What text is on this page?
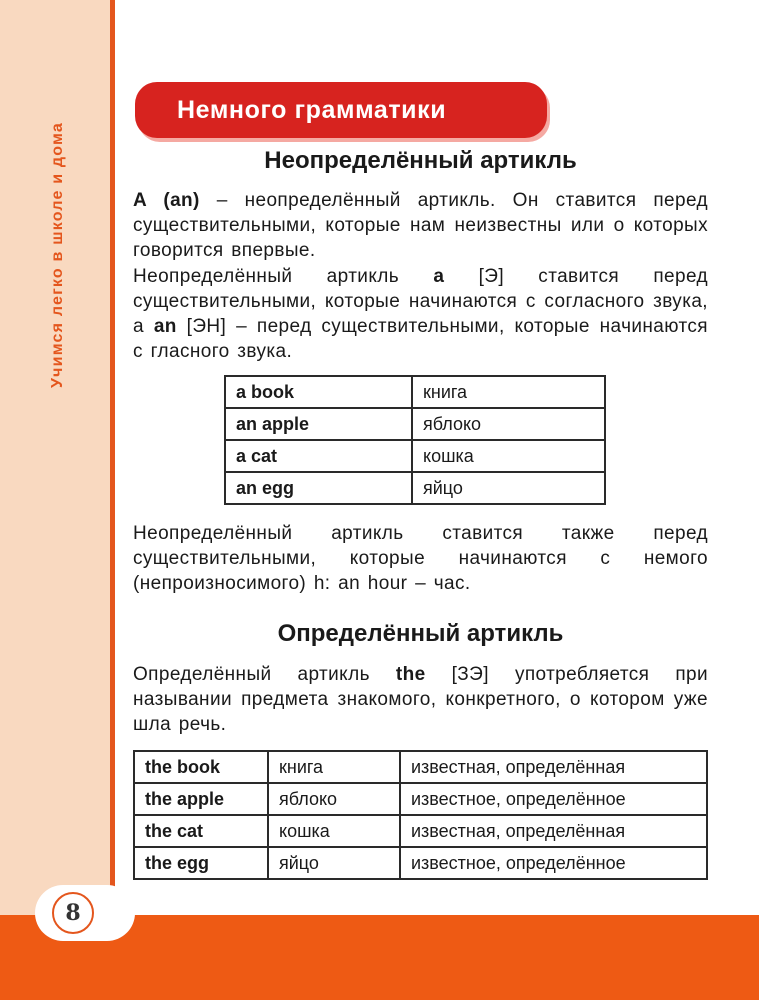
Учимся легко в школе и дома
Немного грамматики
Неопределённый артикль

A (an) – неопределённый артикль. Он ставится перед существительными, которые нам неизвестны или о которых говорится впервые.

Неопределённый артикль a [Э] ставится перед существительными, которые начинаются с согласного звука, а an [ЭН] – перед существительными, которые начинаются с гласного звука.

a book	книга
an apple	яблоко
a cat	кошка
an egg	яйцо

Неопределённый артикль ставится также перед существительными, которые начинаются с немого (непроизносимого) h: an hour – час.

Определённый артикль

Определённый артикль the [ЗЭ] употребляется при назывании предмета знакомого, конкретного, о котором уже шла речь.

the book	книга	известная, определённая
the apple	яблоко	известное, определённое
the cat	кошка	известная, определённая
the egg	яйцо	известное, определённое
8
